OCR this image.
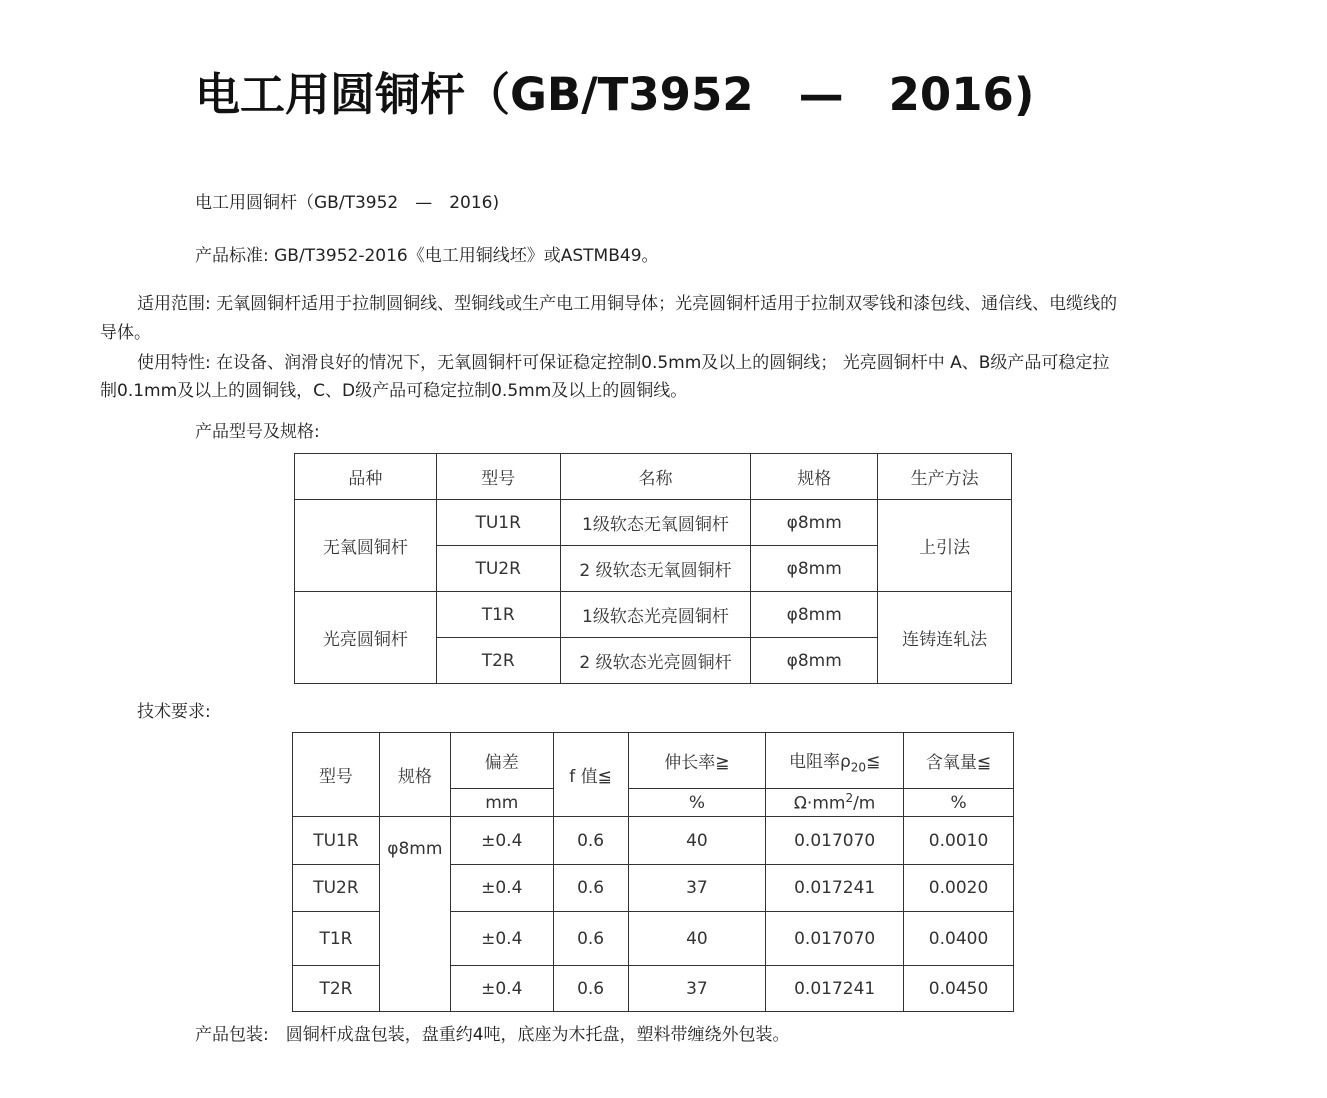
电工用圆铜杆（GB/T3952　—　2016)
电工用圆铜杆（GB/T3952　—　2016)
产品标准: GB/T3952-2016《电工用铜线坯》或ASTMB49。
适用范围: 无氧圆铜杆适用于拉制圆铜线、型铜线或生产电工用铜导体；光亮圆铜杆适用于拉制双零钱和漆包线、通信线、电缆线的
导体。
使用特性: 在设备、润滑良好的情况下，无氧圆铜杆可保证稳定控制0.5mm及以上的圆铜线； 光亮圆铜杆中 A、B级产品可稳定拉
制0.1mm及以上的圆铜钱，C、D级产品可稳定拉制0.5mm及以上的圆铜线。
产品型号及规格:
品种	型号	名称	规格	生产方法
无氧圆铜杆	TU1R	1级软态无氧圆铜杆	φ8mm	上引法
	TU2R	2 级软态无氧圆铜杆	φ8mm	
光亮圆铜杆	T1R	1级软态光亮圆铜杆	φ8mm	连铸连轧法
	T2R	2 级软态光亮圆铜杆	φ8mm	
技术要求:
型号	规格	偏差	f 值≦	伸长率≧	电阻率$\rho_{20}≦$	含氧量≦
		mm		%	$\Omega\cdot mm^2/m$	%
TU1R	φ8mm	±0.4	0.6	40	0.017070	0.0010
TU2R		±0.4	0.6	37	0.017241	0.0020
T1R		±0.4	0.6	40	0.017070	0.0400
T2R		±0.4	0.6	37	0.017241	0.0450
产品包装:　圆铜杆成盘包装，盘重约4吨，底座为木托盘，塑料带缠绕外包装。
